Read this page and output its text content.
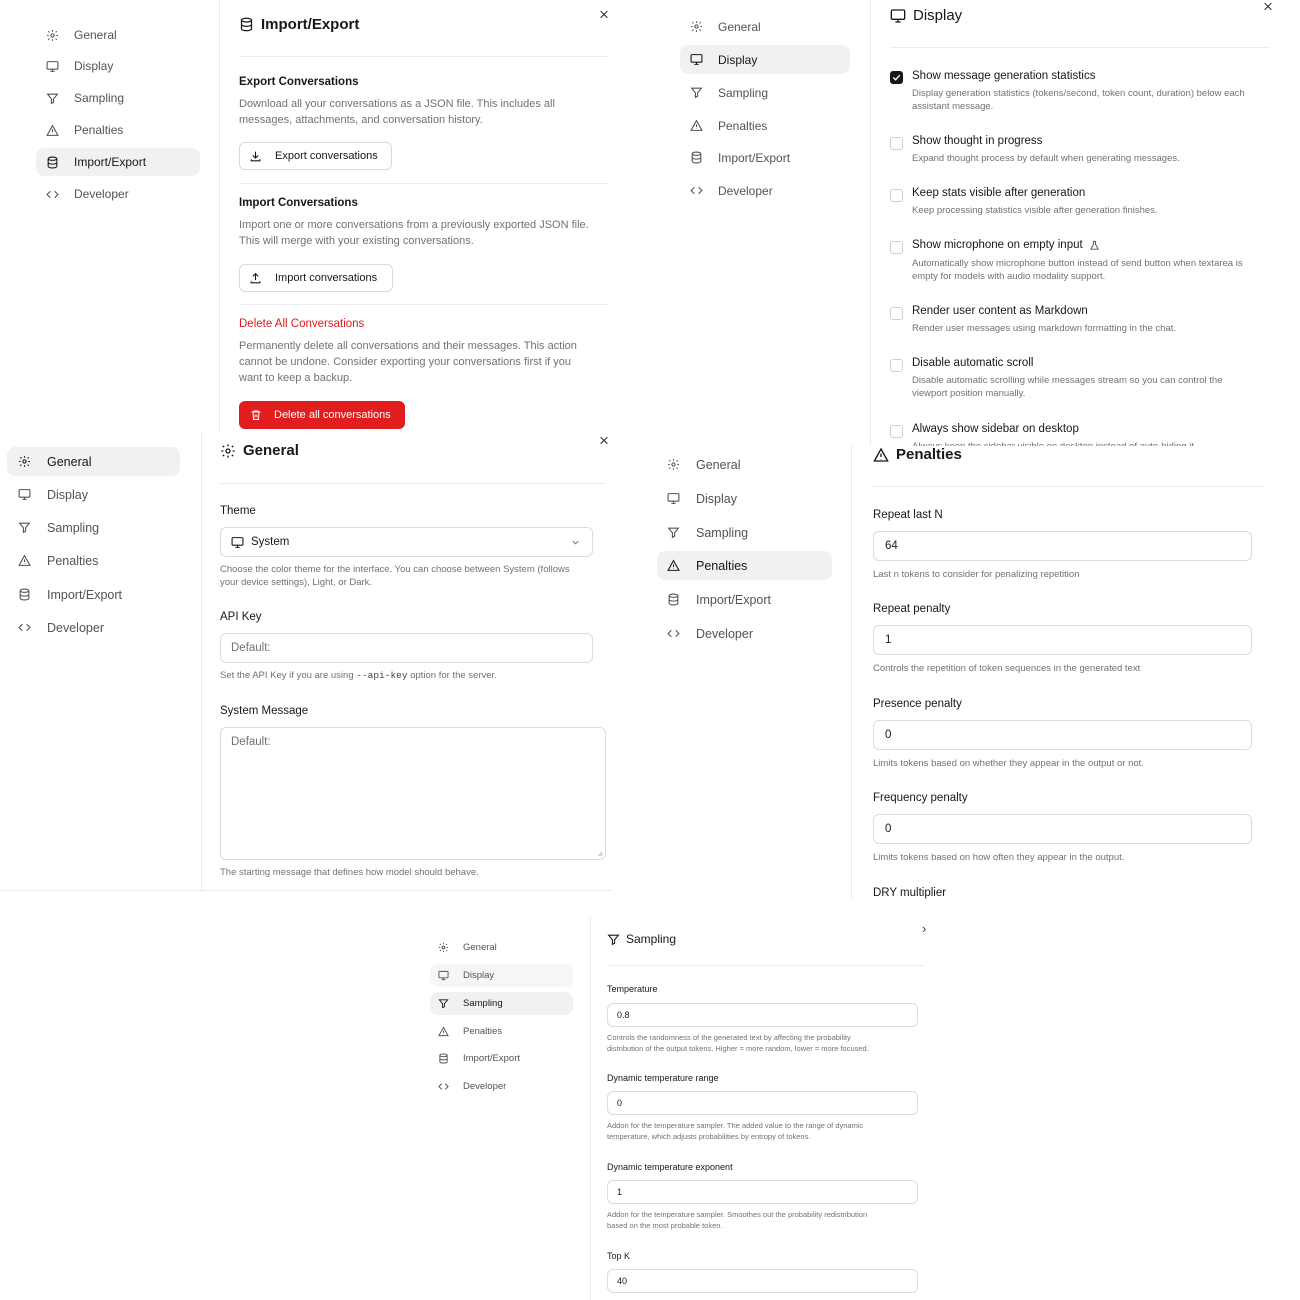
General
Display
Sampling
Penalties
Import/Export
Developer
Import/Export
×
Export Conversations
Download all your conversations as a JSON file. This includes all
messages, attachments, and conversation history.
Export conversations
Import Conversations
Import one or more conversations from a previously exported JSON file.
This will merge with your existing conversations.
Import conversations
Delete All Conversations
Permanently delete all conversations and their messages. This action
cannot be undone. Consider exporting your conversations first if you
want to keep a backup.
Delete all conversations
General
Display
Sampling
Penalties
Import/Export
Developer
Display	×
Show message generation statistics
Display generation statistics (tokens/second, token count, duration) below each
assistant message.
Show thought in progress
Expand thought process by default when generating messages.
Keep stats visible after generation
Keep processing statistics visible after generation finishes.
Show microphone on empty input
Automatically show microphone button instead of send button when textarea is
empty for models with audio modality support.
Render user content as Markdown
Render user messages using markdown formatting in the chat.
Disable automatic scroll
Disable automatic scrolling while messages stream so you can control the
viewport position manually.
Always show sidebar on desktop
General
Display
Sampling
Penalties
Import/Export
Developer
General
×
Theme
System
Choose the color theme for the interface. You can choose between System (follows
your device settings), Light, or Dark.
API Key
Default:
Set the API Key if you are using --api-key option for the server.
System Message
Default:
The starting message that defines how model should behave.
General
Display
Sampling
Penalties
Import/Export
Developer
Penalties
Repeat last N
64
Last n tokens to consider for penalizing repetition
Repeat penalty
1
Controls the repetition of token sequences in the generated text
Presence penalty
0
Limits tokens based on whether they appear in the output or not.
Frequency penalty
0
Limits tokens based on how often they appear in the output.
DRY multiplier
General
Display
Sampling
Penalties
Import/Export
Developer
Sampling
›
Temperature
0.8
Controls the randomness of the generated text by affecting the probability
distribution of the output tokens. Higher = more random, lower = more focused.
Dynamic temperature range
0
Addon for the temperature sampler. The added value to the range of dynamic
temperature, which adjusts probabilities by entropy of tokens.
Dynamic temperature exponent
1
Addon for the temperature sampler. Smoothes out the probability redistribution
based on the most probable token.
Top K
40
